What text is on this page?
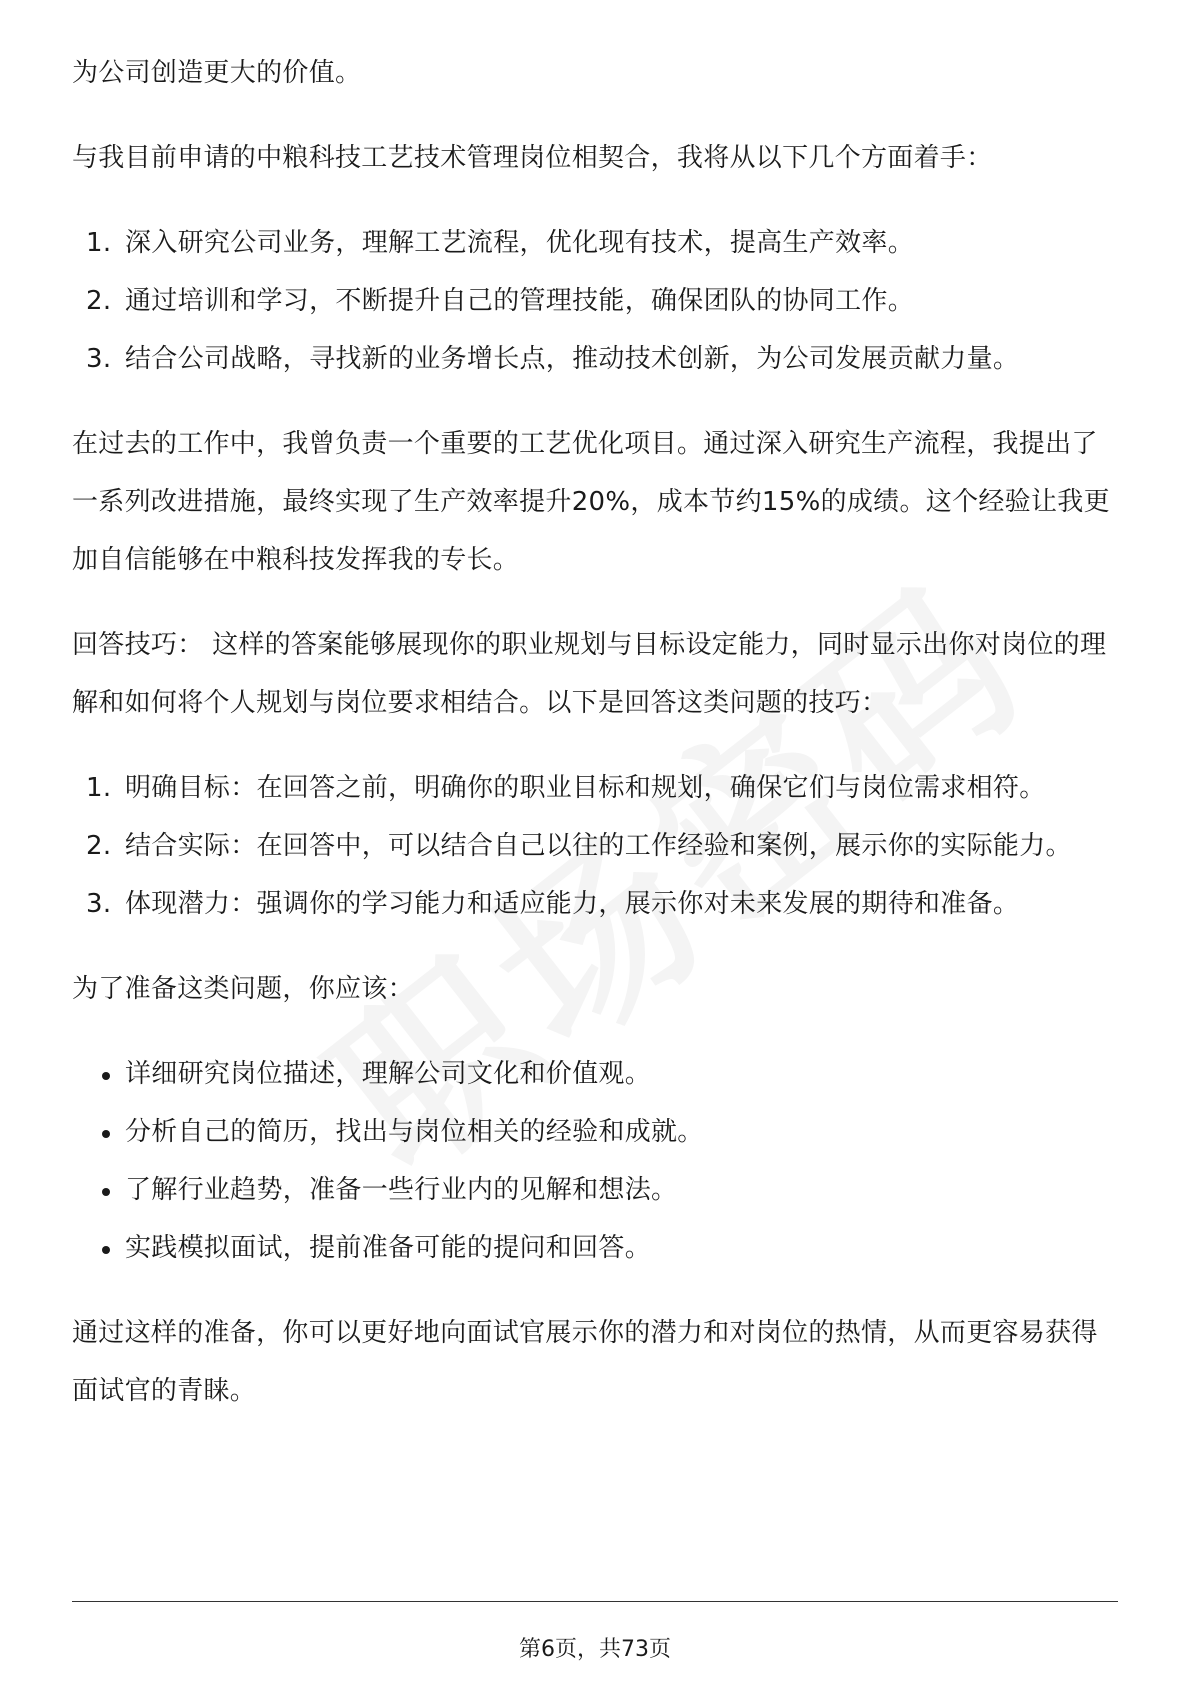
为公司创造更大的价值。

与我目前申请的中粮科技工艺技术管理岗位相契合，我将从以下几个方面着手：

1. 深入研究公司业务，理解工艺流程，优化现有技术，提高生产效率。
2. 通过培训和学习，不断提升自己的管理技能，确保团队的协同工作。
3. 结合公司战略，寻找新的业务增长点，推动技术创新，为公司发展贡献力量。

在过去的工作中，我曾负责一个重要的工艺优化项目。通过深入研究生产流程，我提出了一系列改进措施，最终实现了生产效率提升20%，成本节约15%的成绩。这个经验让我更加自信能够在中粮科技发挥我的专长。

回答技巧： 这样的答案能够展现你的职业规划与目标设定能力，同时显示出你对岗位的理解和如何将个人规划与岗位要求相结合。以下是回答这类问题的技巧：

1. 明确目标：在回答之前，明确你的职业目标和规划，确保它们与岗位需求相符。
2. 结合实际：在回答中，可以结合自己以往的工作经验和案例，展示你的实际能力。
3. 体现潜力：强调你的学习能力和适应能力，展示你对未来发展的期待和准备。

为了准备这类问题，你应该：

详细研究岗位描述，理解公司文化和价值观。
分析自己的简历，找出与岗位相关的经验和成就。
了解行业趋势，准备一些行业内的见解和想法。
实践模拟面试，提前准备可能的提问和回答。

通过这样的准备，你可以更好地向面试官展示你的潜力和对岗位的热情，从而更容易获得面试官的青睐。

第6页，共73页
